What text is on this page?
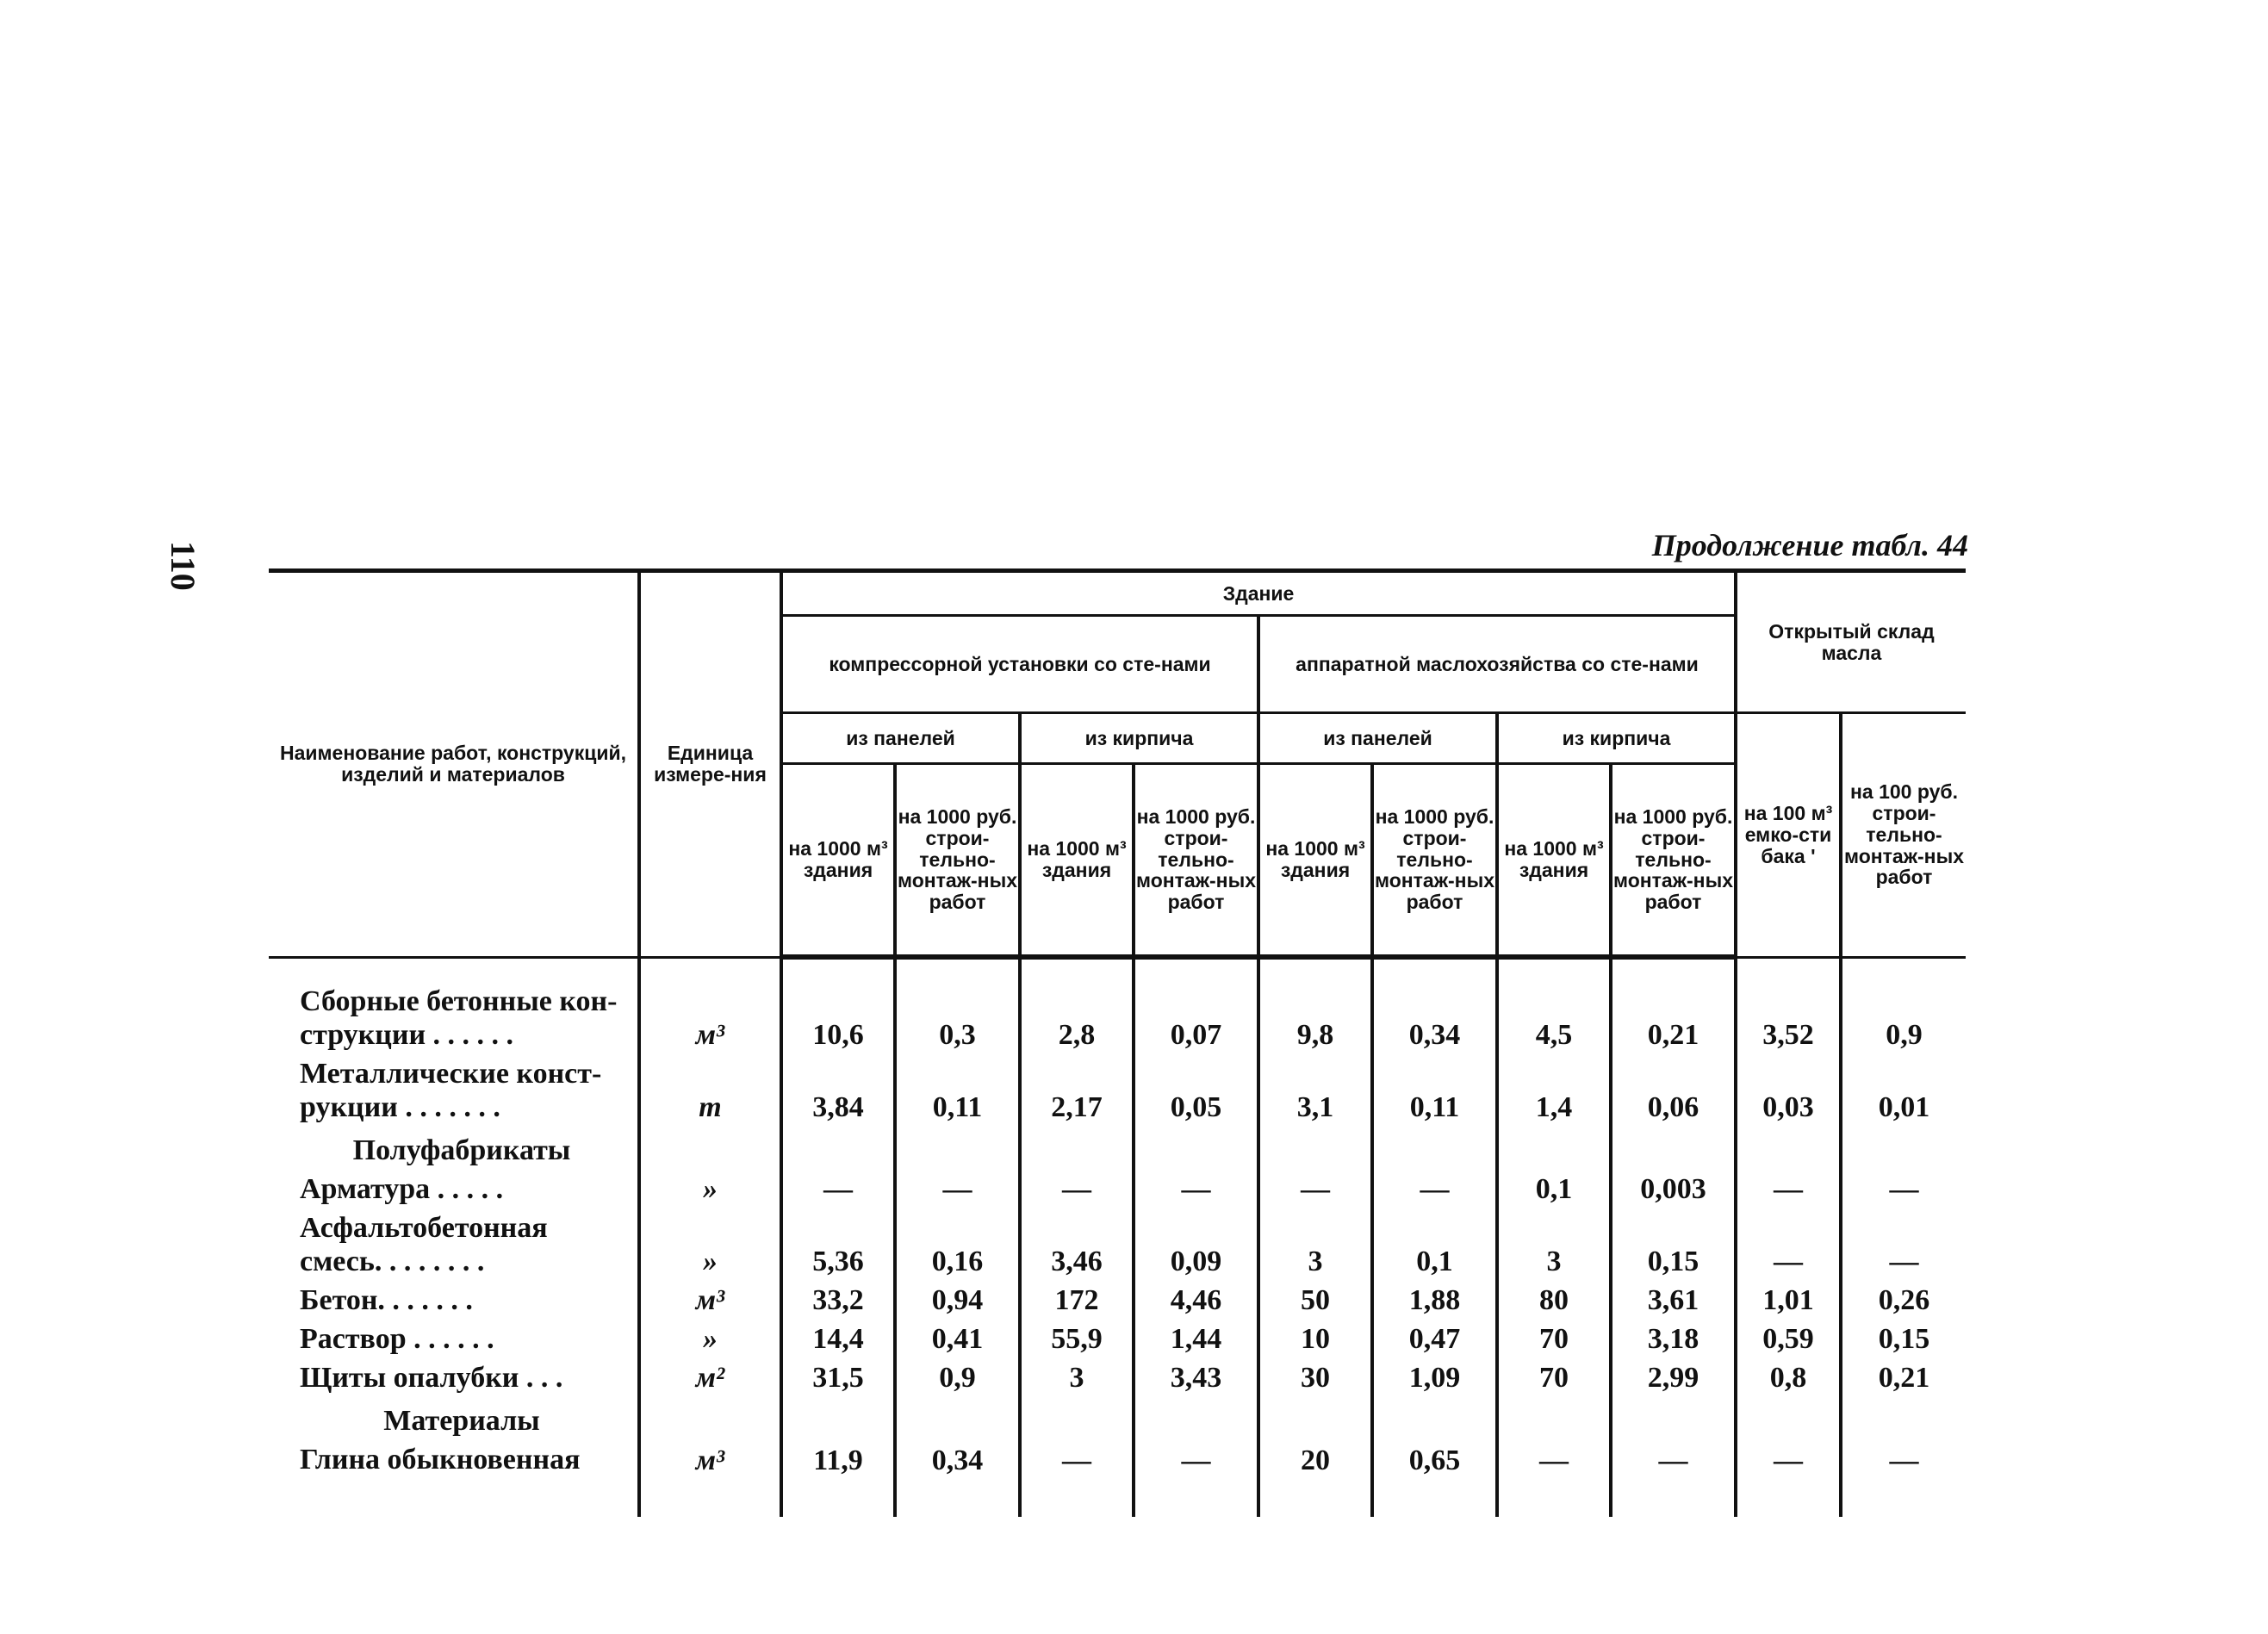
110	Продолжение табл. 44
Наименование работ, конструкций, изделий и материалов	Единица измере-ния	Здание								Открытый склад масла	
		компрессорной установки со сте-нами				аппаратной маслохозяйства со сте-нами					
		из панелей		из кирпича		из панелей		из кирпича		на 100 м³ емко-сти бака '	на 100 руб. строи-тельно-монтаж-ных работ
		на 1000 м³ здания	на 1000 руб. строи-тельно-монтаж-ных работ	на 1000 м³ здания	на 1000 руб. строи-тельно-монтаж-ных работ	на 1000 м³ здания	на 1000 руб. строи-тельно-монтаж-ных работ	на 1000 м³ здания	на 1000 руб. строи-тельно-монтаж-ных работ		
Сборные бетонные кон-струкции . . . . . .	м³	10,6	0,3	2,8	0,07	9,8	0,34	4,5	0,21	3,52	0,9
Металлические конст-рукции . . . . . . .	т	3,84	0,11	2,17	0,05	3,1	0,11	1,4	0,06	0,03	0,01
Полуфабрикаты											
Арматура . . . . .	»	—	—	—	—	—	—	0,1	0,003	—	—
Асфальтобетонная смесь. . . . . . . .	»	5,36	0,16	3,46	0,09	3	0,1	3	0,15	—	—
Бетон. . . . . . .	м³	33,2	0,94	172	4,46	50	1,88	80	3,61	1,01	0,26
Раствор . . . . . .	»	14,4	0,41	55,9	1,44	10	0,47	70	3,18	0,59	0,15
Щиты опалубки . . .	м²	31,5	0,9	3	3,43	30	1,09	70	2,99	0,8	0,21
Материалы											
Глина обыкновенная	м³	11,9	0,34	—	—	20	0,65	—	—	—	—
